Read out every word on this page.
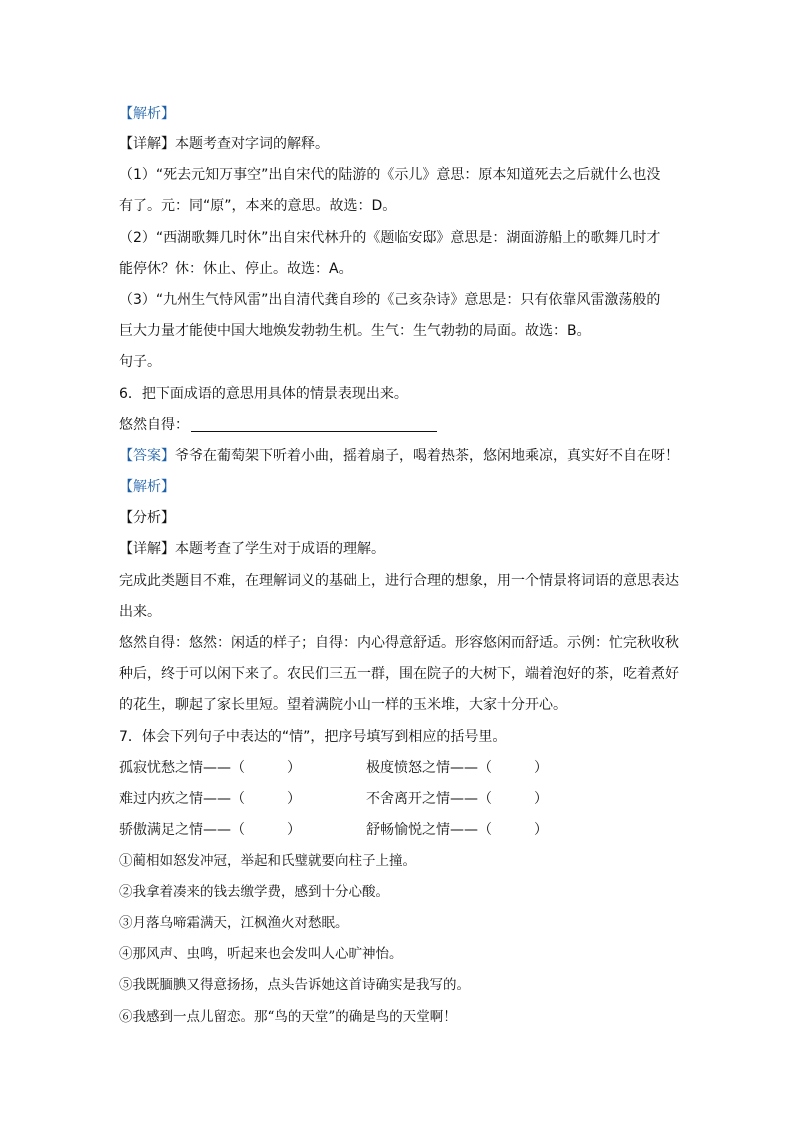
【解析】
【详解】本题考查对字词的解释。
（1）“死去元知万事空”出自宋代的陆游的《示儿》意思：原本知道死去之后就什么也没
有了。元：同“原”，本来的意思。故选：D。
（2）“西湖歌舞几时休”出自宋代林升的《题临安邸》意思是：湖面游船上的歌舞几时才
能停休？休：休止、停止。故选：A。
（3）“九州生气恃风雷”出自清代龚自珍的《己亥杂诗》意思是：只有依靠风雷激荡般的
巨大力量才能使中国大地焕发勃勃生机。生气：生气勃勃的局面。故选：B。
句子。
6．把下面成语的意思用具体的情景表现出来。
悠然自得：
【答案】爷爷在葡萄架下听着小曲，摇着扇子，喝着热茶，悠闲地乘凉，真实好不自在呀！
【解析】
【分析】
【详解】本题考查了学生对于成语的理解。
完成此类题目不难，在理解词义的基础上，进行合理的想象，用一个情景将词语的意思表达
出来。
悠然自得：悠然：闲适的样子；自得：内心得意舒适。形容悠闲而舒适。示例：忙完秋收秋
种后，终于可以闲下来了。农民们三五一群，围在院子的大树下，端着泡好的茶，吃着煮好
的花生，聊起了家长里短。望着满院小山一样的玉米堆，大家十分开心。
7．体会下列句子中表达的“情”，把序号填写到相应的括号里。
孤寂忧愁之情——（　　　）	极度愤怒之情——（　　　）
难过内疚之情——（　　　）	不舍离开之情——（　　　）
骄傲满足之情——（　　　）	舒畅愉悦之情——（　　　）
①蔺相如怒发冲冠，举起和氏璧就要向柱子上撞。
②我拿着凑来的钱去缴学费，感到十分心酸。
③月落乌啼霜满天，江枫渔火对愁眠。
④那风声、虫鸣，听起来也会发叫人心旷神怡。
⑤我既腼腆又得意扬扬，点头告诉她这首诗确实是我写的。
⑥我感到一点儿留恋。那“鸟的天堂”的确是鸟的天堂啊！
